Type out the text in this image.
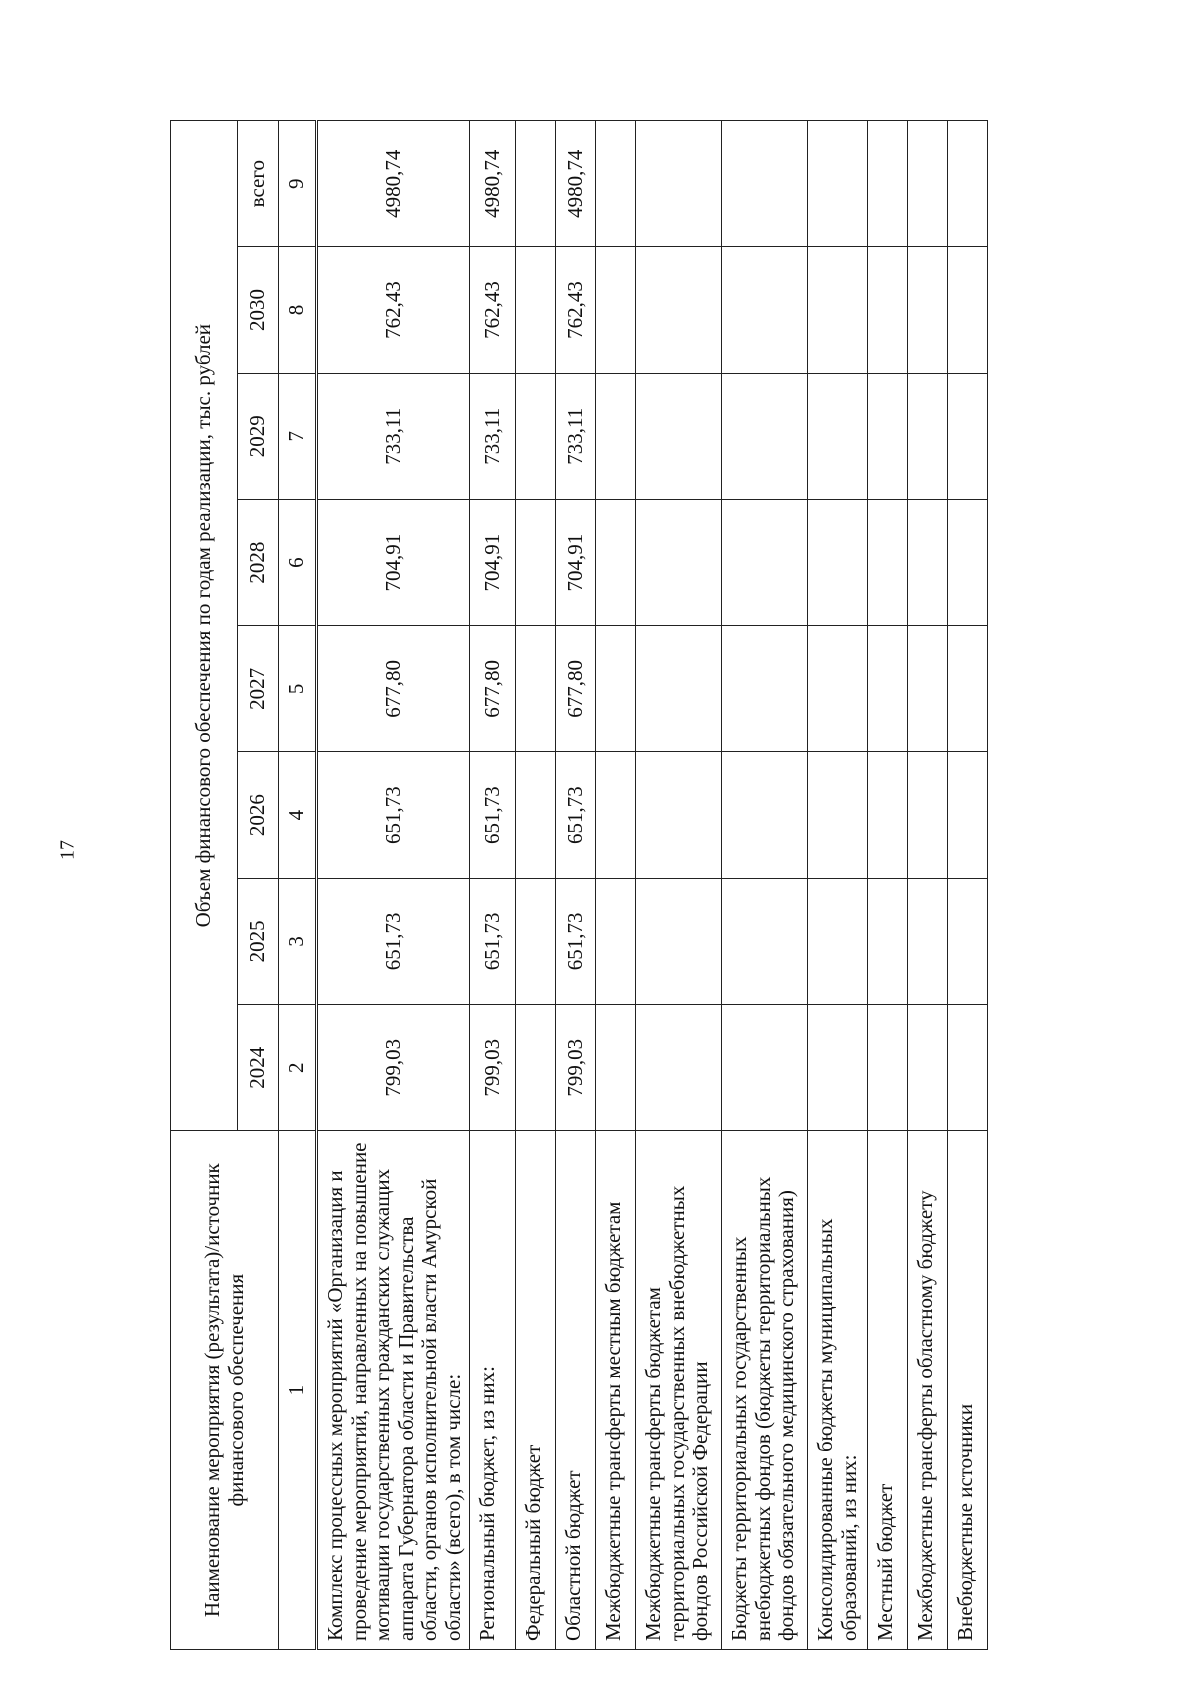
17
Наименование мероприятия (результата)/источник финансового обеспечения	Объем финансового обеспечения по годам реализации, тыс. рублей							
	2024	2025	2026	2027	2028	2029	2030	всего
1	2	3	4	5	6	7	8	9
Комплекс процессных мероприятий «Организация и проведение мероприятий, направленных на повышение мотивации государственных гражданских служащих аппарата Губернатора области и Правительства области, органов исполнительной власти Амурской области» (всего), в том числе:	799,03	651,73	651,73	677,80	704,91	733,11	762,43	4980,74
Региональный бюджет, из них:	799,03	651,73	651,73	677,80	704,91	733,11	762,43	4980,74
Федеральный бюджет								
Областной бюджет	799,03	651,73	651,73	677,80	704,91	733,11	762,43	4980,74
Межбюджетные трансферты местным бюджетам								
Межбюджетные трансферты бюджетам территориальных государственных внебюджетных фондов Российской Федерации								
Бюджеты территориальных государственных внебюджетных фондов (бюджеты территориальных фондов обязательного медицинского страхования)								
Консолидированные бюджеты муниципальных образований, из них:								
Местный бюджет								
Межбюджетные трансферты областному бюджету								
Внебюджетные источники								
